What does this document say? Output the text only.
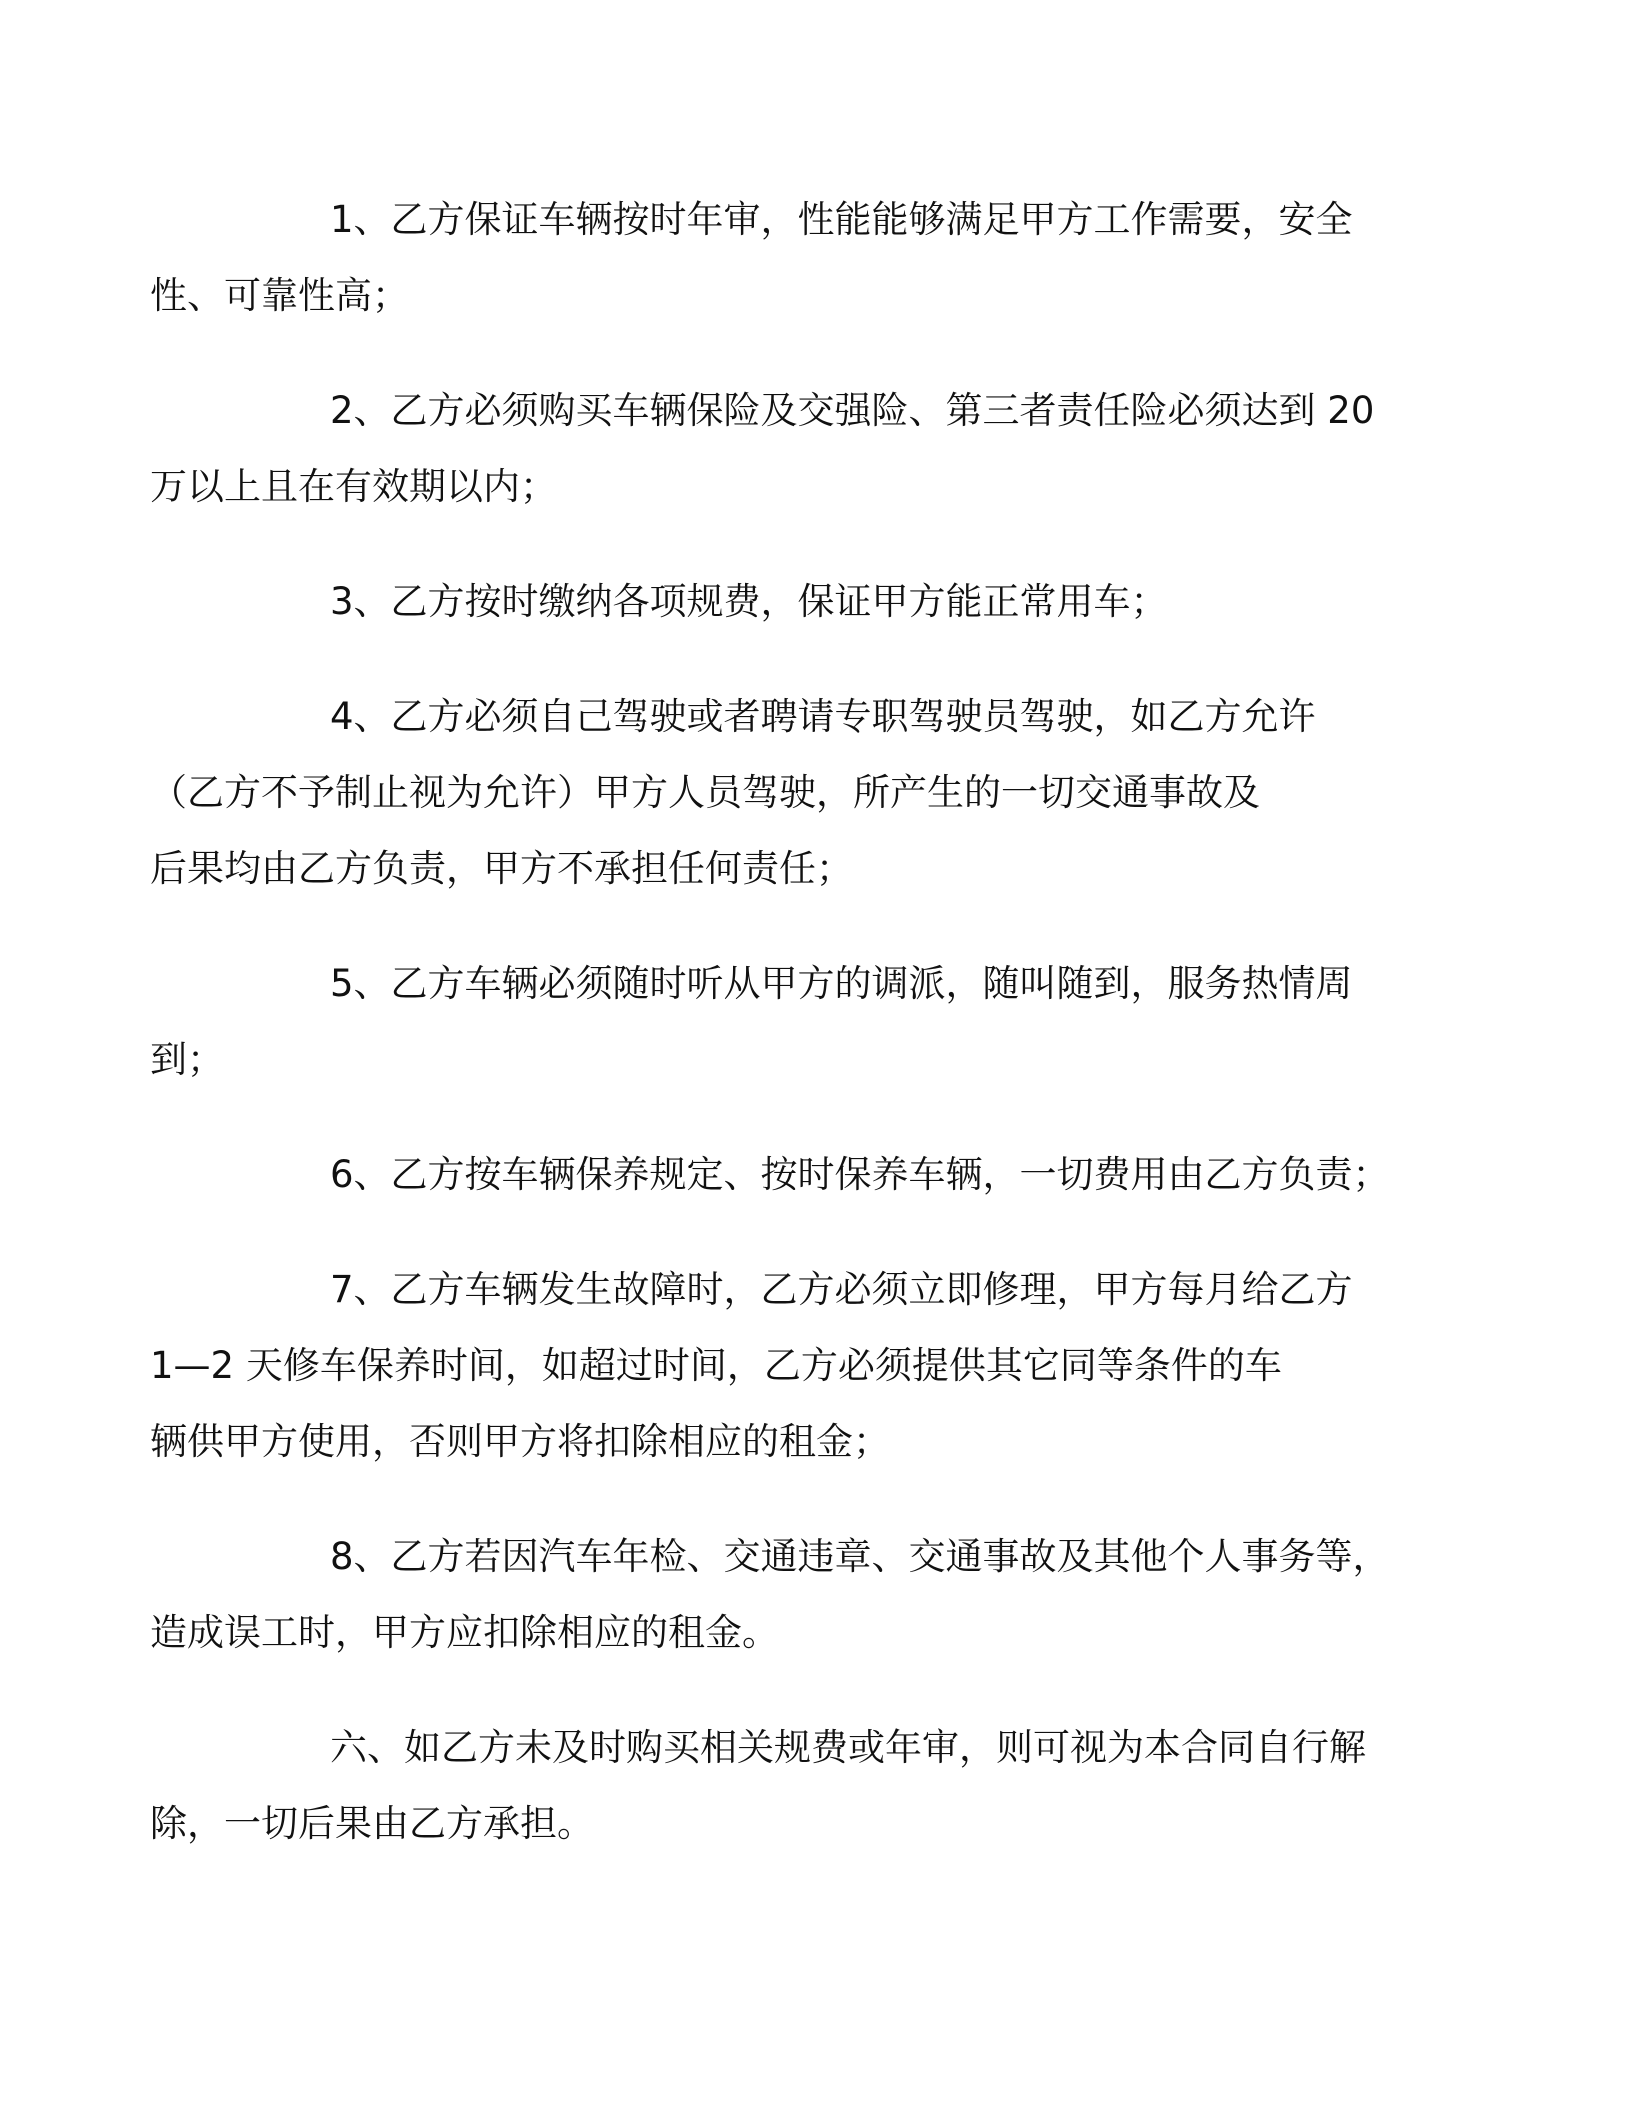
1、乙方保证车辆按时年审，性能能够满足甲方工作需要，安全
性、可靠性高；

2、乙方必须购买车辆保险及交强险、第三者责任险必须达到 20
万以上且在有效期以内；

3、乙方按时缴纳各项规费，保证甲方能正常用车；

4、乙方必须自己驾驶或者聘请专职驾驶员驾驶，如乙方允许
（乙方不予制止视为允许）甲方人员驾驶，所产生的一切交通事故及
后果均由乙方负责，甲方不承担任何责任；

5、乙方车辆必须随时听从甲方的调派，随叫随到，服务热情周
到；

6、乙方按车辆保养规定、按时保养车辆，一切费用由乙方负责；

7、乙方车辆发生故障时，乙方必须立即修理，甲方每月给乙方
1—2 天修车保养时间，如超过时间，乙方必须提供其它同等条件的车
辆供甲方使用，否则甲方将扣除相应的租金；

8、乙方若因汽车年检、交通违章、交通事故及其他个人事务等，
造成误工时，甲方应扣除相应的租金。

六、如乙方未及时购买相关规费或年审，则可视为本合同自行解
除，一切后果由乙方承担。
